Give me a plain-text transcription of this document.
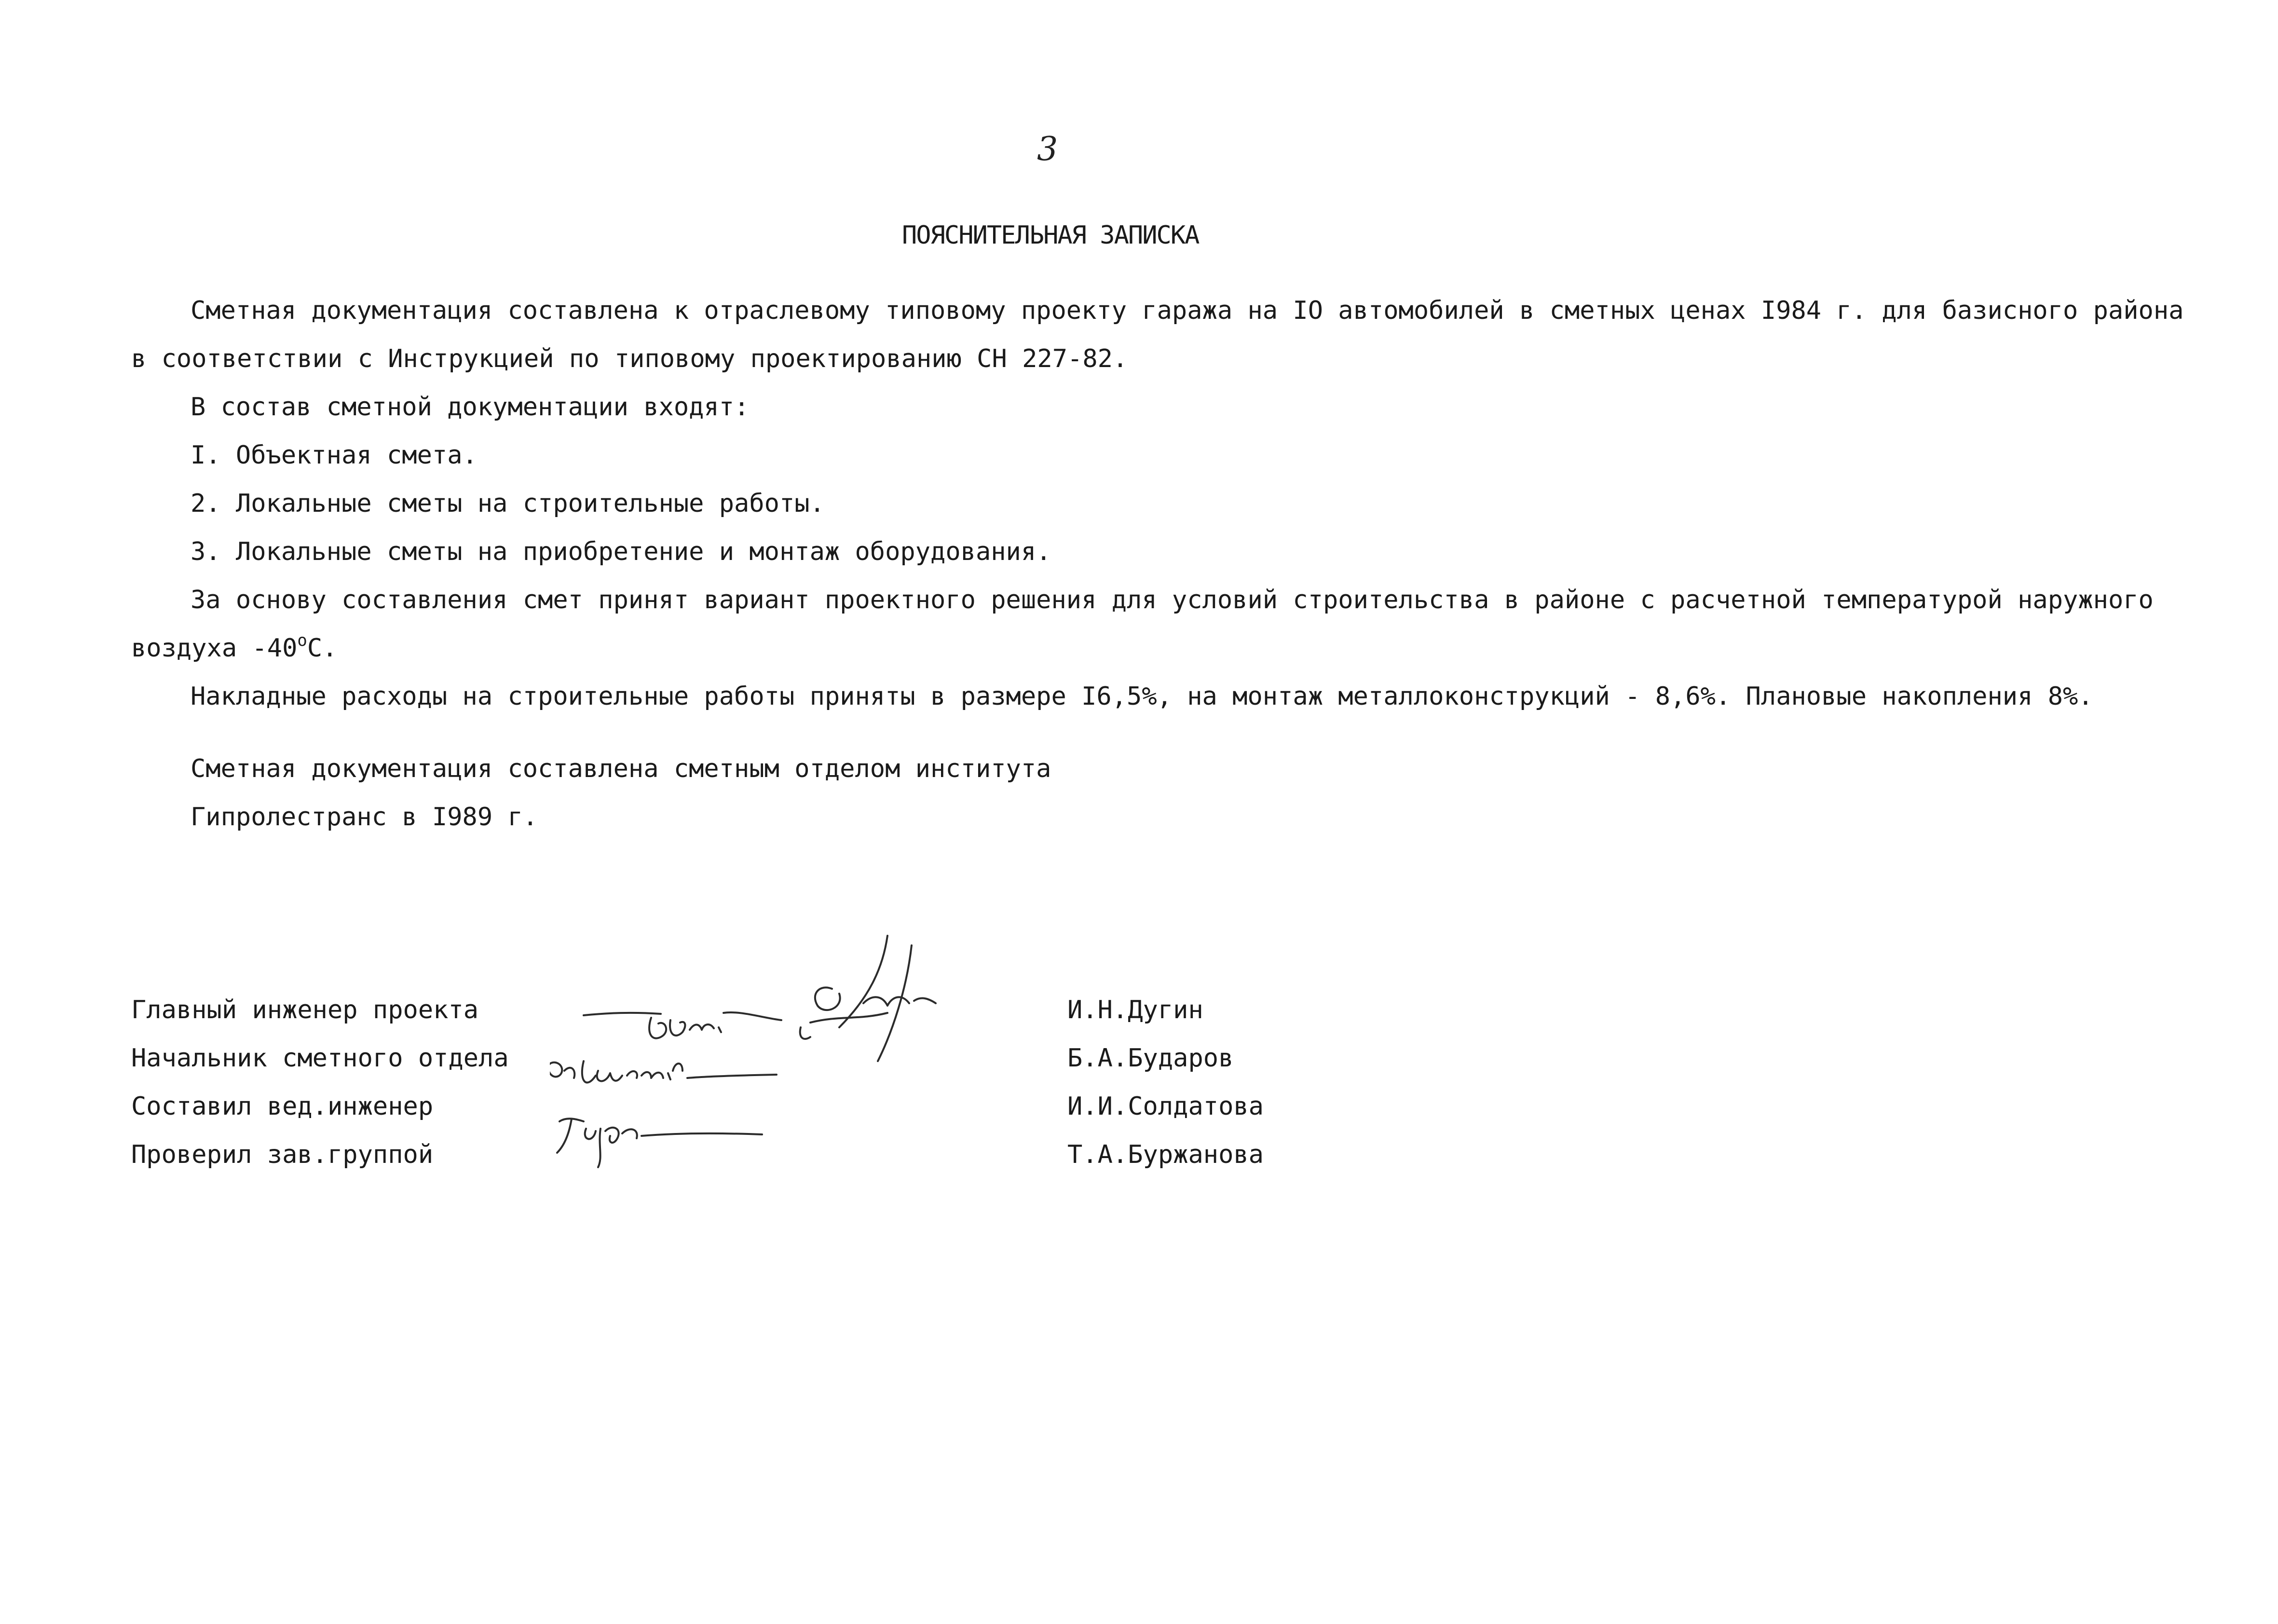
3
ПОЯСНИТЕЛЬНАЯ ЗАПИСКА
Сметная документация составлена к отраслевому типовому проекту гаража на IO автомобилей в сметных ценах I984 г. для базисного района
в соответствии с Инструкцией по типовому проектированию СН 227-82.
В состав сметной документации входят:
I. Объектная смета.
2. Локальные сметы на строительные работы.
3. Локальные сметы на приобретение и монтаж оборудования.
За основу составления смет принят вариант проектного решения для условий строительства в районе с расчетной температурой наружного
воздуха $-40^оС$.
Накладные расходы на строительные работы приняты в размере I6,5%, на монтаж металлоконструкций - 8,6%. Плановые накопления 8%.
Сметная документация составлена сметным отделом института
Гипролестранс в I989 г.
Главный инженер проекта
Начальник сметного отдела
Составил вед.инженер
Проверил зав.группой
И.Н.Дугин
Б.А.Бударов
И.И.Солдатова
Т.А.Буржанова
